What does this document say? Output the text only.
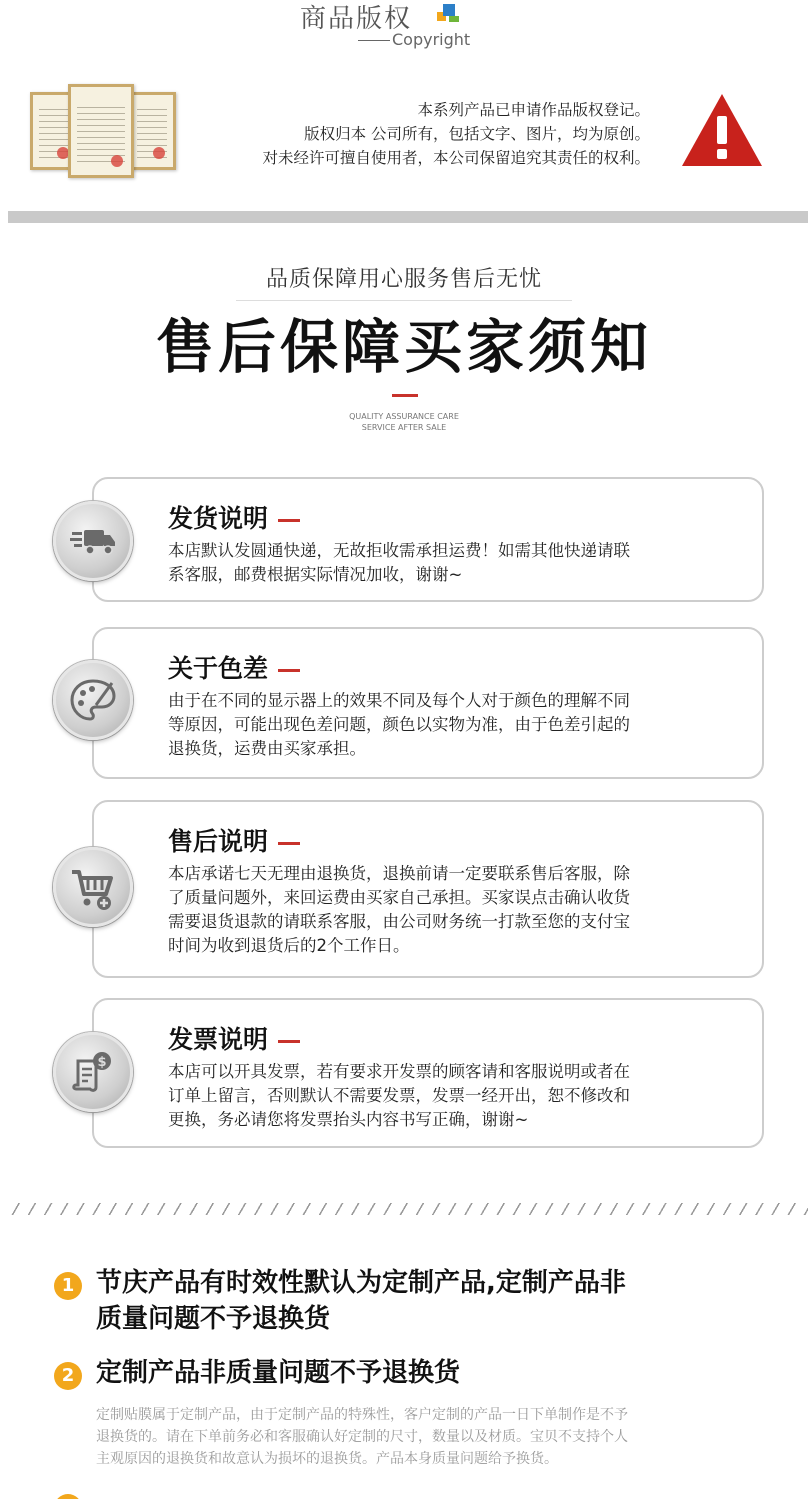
商品版权
Copyright
本系列产品已申请作品版权登记。
版权归本 公司所有，包括文字、图片，均为原创。
对未经许可擅自使用者，本公司保留追究其责任的权利。
品质保障用心服务售后无忧
售后保障买家须知
QUALITY ASSURANCE CARE
SERVICE AFTER SALE
发货说明
本店默认发圆通快递，无故拒收需承担运费！如需其他快递请联
系客服，邮费根据实际情况加收，谢谢~
关于色差
由于在不同的显示器上的效果不同及每个人对于颜色的理解不同
等原因，可能出现色差问题，颜色以实物为准，由于色差引起的
退换货，运费由买家承担。
售后说明
本店承诺七天无理由退换货，退换前请一定要联系售后客服，除
了质量问题外，来回运费由买家自己承担。买家误点击确认收货
需要退货退款的请联系客服，由公司财务统一打款至您的支付宝
时间为收到退货后的2个工作日。
发票说明
本店可以开具发票，若有要求开发票的顾客请和客服说明或者在
订单上留言，否则默认不需要发票，发票一经开出，恕不修改和
更换，务必请您将发票抬头内容书写正确，谢谢~
$
1 节庆产品有时效性默认为定制产品,定制产品非
质量问题不予退换货
2 定制产品非质量问题不予退换货
定制贴膜属于定制产品，由于定制产品的特殊性，客户定制的产品一日下单制作是不予
退换货的。请在下单前务必和客服确认好定制的尺寸，数量以及材质。宝贝不支持个人
主观原因的退换货和故意认为损坏的退换货。产品本身质量问题给予换货。
